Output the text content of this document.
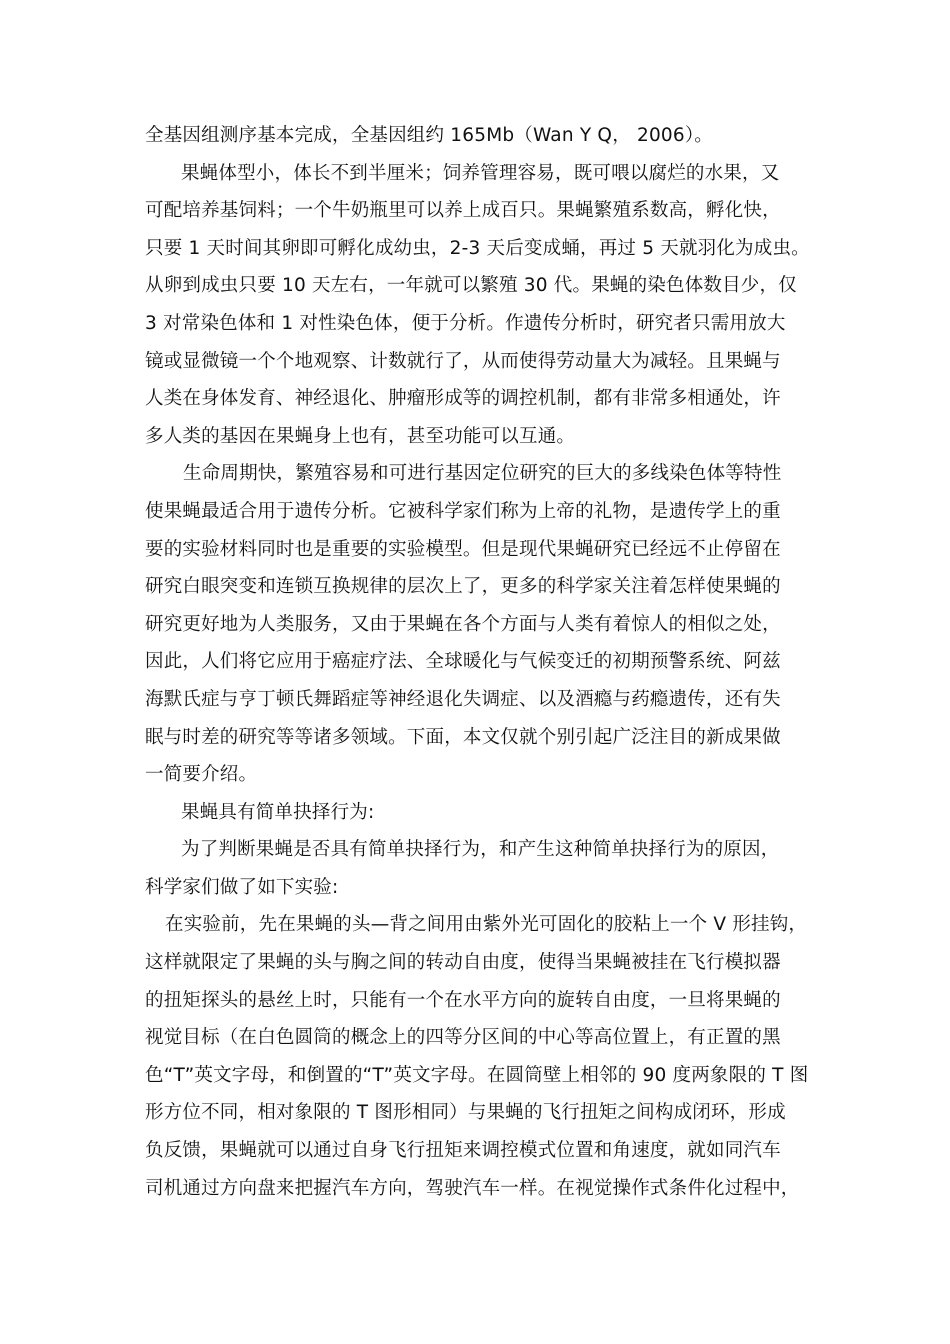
全基因组测序基本完成，全基因组约 165Mb（Wan Y Q， 2006）。
果蝇体型小，体长不到半厘米；饲养管理容易，既可喂以腐烂的水果，又
可配培养基饲料；一个牛奶瓶里可以养上成百只。果蝇繁殖系数高，孵化快，
只要 1 天时间其卵即可孵化成幼虫，2-3 天后变成蛹，再过 5 天就羽化为成虫。
从卵到成虫只要 10 天左右，一年就可以繁殖 30 代。果蝇的染色体数目少，仅
3 对常染色体和 1 对性染色体，便于分析。作遗传分析时，研究者只需用放大
镜或显微镜一个个地观察、计数就行了，从而使得劳动量大为减轻。且果蝇与
人类在身体发育、神经退化、肿瘤形成等的调控机制，都有非常多相通处，许
多人类的基因在果蝇身上也有，甚至功能可以互通。
生命周期快，繁殖容易和可进行基因定位研究的巨大的多线染色体等特性
使果蝇最适合用于遗传分析。它被科学家们称为上帝的礼物，是遗传学上的重
要的实验材料同时也是重要的实验模型。但是现代果蝇研究已经远不止停留在
研究白眼突变和连锁互换规律的层次上了，更多的科学家关注着怎样使果蝇的
研究更好地为人类服务，又由于果蝇在各个方面与人类有着惊人的相似之处，
因此，人们将它应用于癌症疗法、全球暖化与气候变迁的初期预警系统、阿兹
海默氏症与亨丁顿氏舞蹈症等神经退化失调症、以及酒瘾与药瘾遗传，还有失
眠与时差的研究等等诸多领域。下面，本文仅就个别引起广泛注目的新成果做
一简要介绍。
果蝇具有简单抉择行为:
为了判断果蝇是否具有简单抉择行为，和产生这种简单抉择行为的原因，
科学家们做了如下实验:
在实验前，先在果蝇的头—背之间用由紫外光可固化的胶粘上一个 V 形挂钩，
这样就限定了果蝇的头与胸之间的转动自由度，使得当果蝇被挂在飞行模拟器
的扭矩探头的悬丝上时，只能有一个在水平方向的旋转自由度，一旦将果蝇的
视觉目标（在白色圆筒的概念上的四等分区间的中心等高位置上，有正置的黑
色“T”英文字母，和倒置的“T”英文字母。在圆筒壁上相邻的 90 度两象限的 T 图
形方位不同，相对象限的 T 图形相同）与果蝇的飞行扭矩之间构成闭环，形成
负反馈，果蝇就可以通过自身飞行扭矩来调控模式位置和角速度，就如同汽车
司机通过方向盘来把握汽车方向，驾驶汽车一样。在视觉操作式条件化过程中，
